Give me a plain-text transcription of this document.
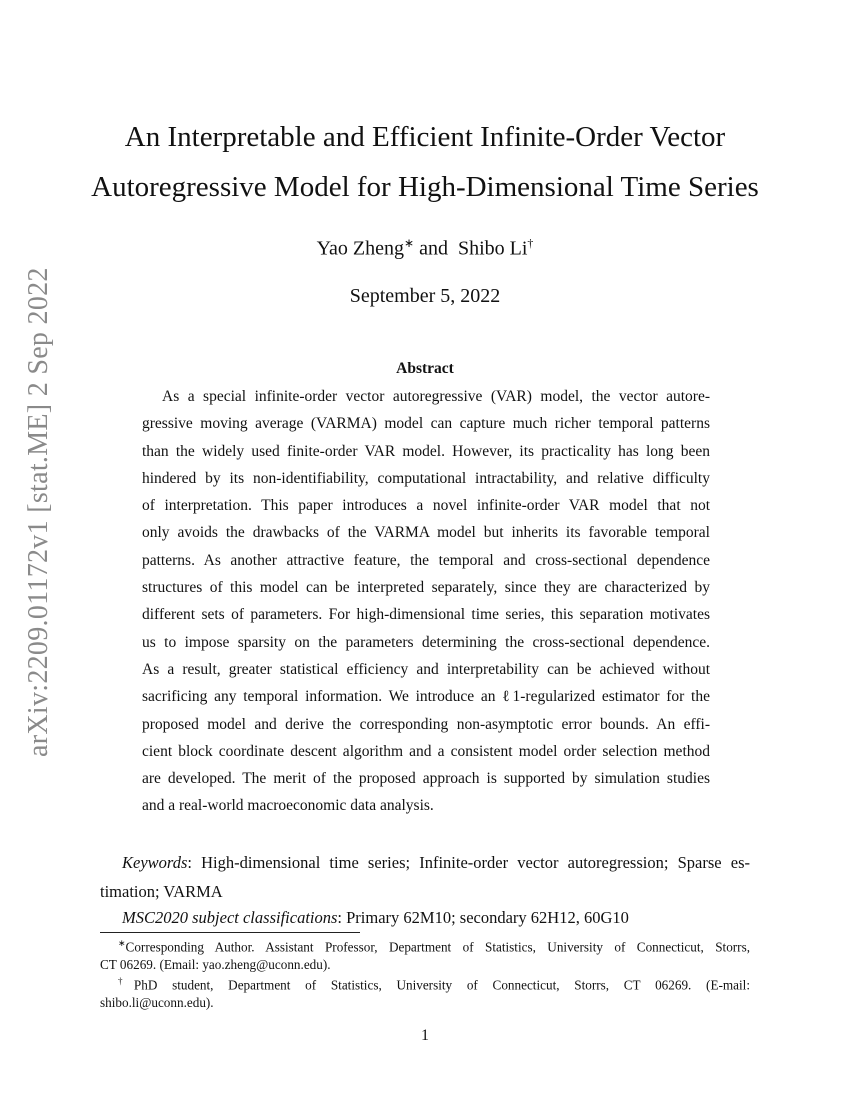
arXiv:2209.01172v1 [stat.ME] 2 Sep 2022
An Interpretable and Efficient Infinite-Order Vector
Autoregressive Model for High-Dimensional Time Series
Yao Zheng∗ and Shibo Li†
September 5, 2022
Abstract
As a special infinite-order vector autoregressive (VAR) model, the vector autore-
gressive moving average (VARMA) model can capture much richer temporal patterns
than the widely used finite-order VAR model. However, its practicality has long been
hindered by its non-identifiability, computational intractability, and relative difficulty
of interpretation. This paper introduces a novel infinite-order VAR model that not
only avoids the drawbacks of the VARMA model but inherits its favorable temporal
patterns. As another attractive feature, the temporal and cross-sectional dependence
structures of this model can be interpreted separately, since they are characterized by
different sets of parameters. For high-dimensional time series, this separation motivates
us to impose sparsity on the parameters determining the cross-sectional dependence.
As a result, greater statistical efficiency and interpretability can be achieved without
sacrificing any temporal information. We introduce an ℓ1-regularized estimator for the
proposed model and derive the corresponding non-asymptotic error bounds. An effi-
cient block coordinate descent algorithm and a consistent model order selection method
are developed. The merit of the proposed approach is supported by simulation studies
and a real-world macroeconomic data analysis.
Keywords: High-dimensional time series; Infinite-order vector autoregression; Sparse es-
timation; VARMA
MSC2020 subject classifications: Primary 62M10; secondary 62H12, 60G10
∗Corresponding Author. Assistant Professor, Department of Statistics, University of Connecticut, Storrs,
CT 06269. (Email: yao.zheng@uconn.edu).
†PhD student, Department of Statistics, University of Connecticut, Storrs, CT 06269. (E-mail:
shibo.li@uconn.edu).
1
